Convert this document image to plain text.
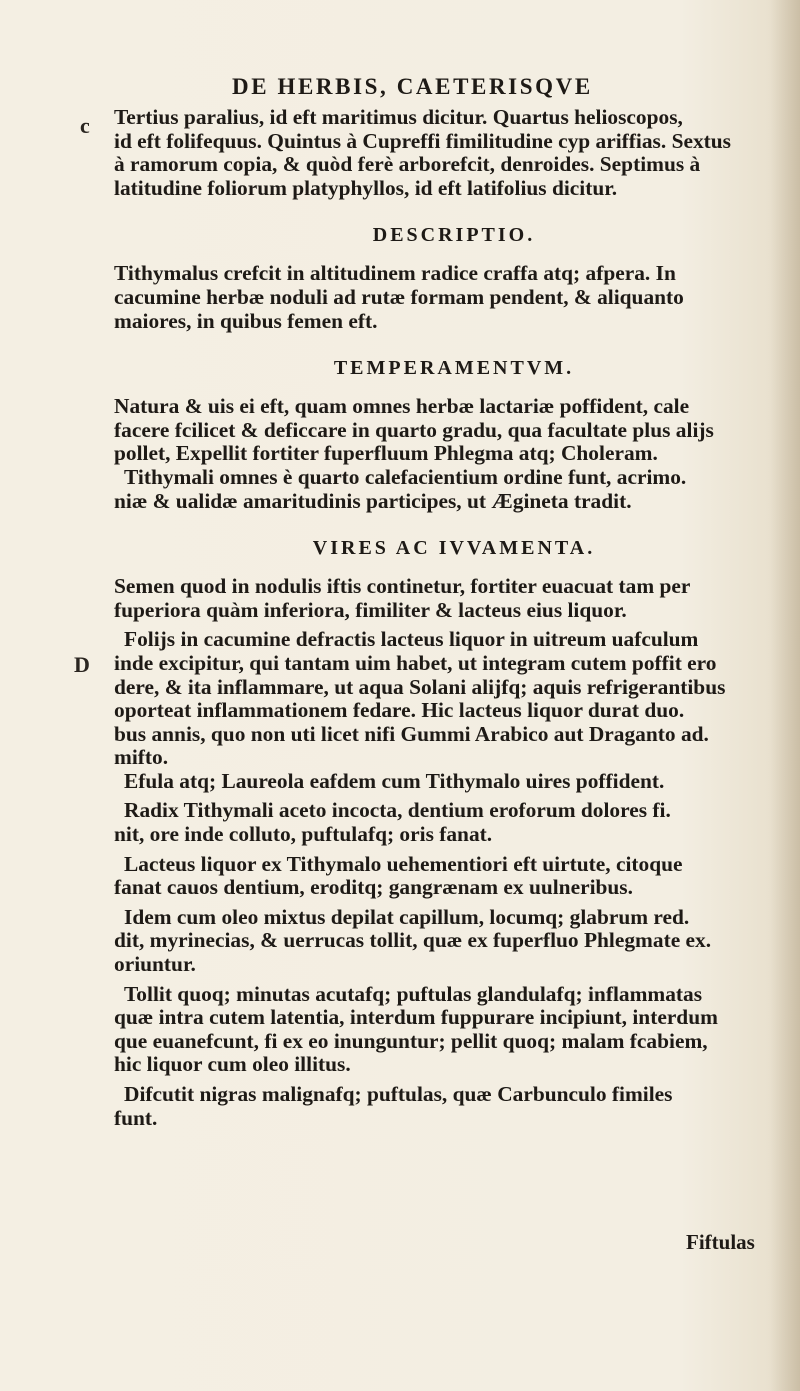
DE HERBIS, CAETERISQVE
c
D
Tertius paralius, id eft maritimus dicitur. Quartus helioscopos,
id eft folifequus. Quintus à Cupreffi fimilitudine cyp ariffias. Sextus
à ramorum copia, & quòd ferè arborefcit, denroides. Septimus à
latitudine foliorum platyphyllos, id eft latifolius dicitur.
DESCRIPTIO.
Tithymalus crefcit in altitudinem radice craffa atq; afpera. In
cacumine herbæ noduli ad rutæ formam pendent, & aliquanto
maiores, in quibus femen eft.
TEMPERAMENTVM.
Natura & uis ei eft, quam omnes herbæ lactariæ poffident, cale
facere fcilicet & deficcare in quarto gradu, qua facultate plus alijs
pollet, Expellit fortiter fuperfluum Phlegma atq; Choleram.
Tithymali omnes è quarto calefacientium ordine funt, acrimo.
niæ & ualidæ amaritudinis participes, ut Ægineta tradit.
VIRES AC IVVAMENTA.
Semen quod in nodulis iftis continetur, fortiter euacuat tam per
fuperiora quàm inferiora, fimiliter & lacteus eius liquor.
Folijs in cacumine defractis lacteus liquor in uitreum uafculum
inde excipitur, qui tantam uim habet, ut integram cutem poffit ero
dere, & ita inflammare, ut aqua Solani alijfq; aquis refrigerantibus
oporteat inflammationem fedare. Hic lacteus liquor durat duo.
bus annis, quo non uti licet nifi Gummi Arabico aut Draganto ad.
mifto.
Efula atq; Laureola eafdem cum Tithymalo uires poffident.
Radix Tithymali aceto incocta, dentium eroforum dolores fi.
nit, ore inde colluto, puftulafq; oris fanat.
Lacteus liquor ex Tithymalo uehementiori eft uirtute, citoque
fanat cauos dentium, eroditq; gangrænam ex uulneribus.
Idem cum oleo mixtus depilat capillum, locumq; glabrum red.
dit, myrinecias, & uerrucas tollit, quæ ex fuperfluo Phlegmate ex.
oriuntur.
Tollit quoq; minutas acutafq; puftulas glandulafq; inflammatas
quæ intra cutem latentia, interdum fuppurare incipiunt, interdum
que euanefcunt, fi ex eo inunguntur; pellit quoq; malam fcabiem,
hic liquor cum oleo illitus.
Difcutit nigras malignafq; puftulas, quæ Carbunculo fimiles
funt.
Fiftulas
